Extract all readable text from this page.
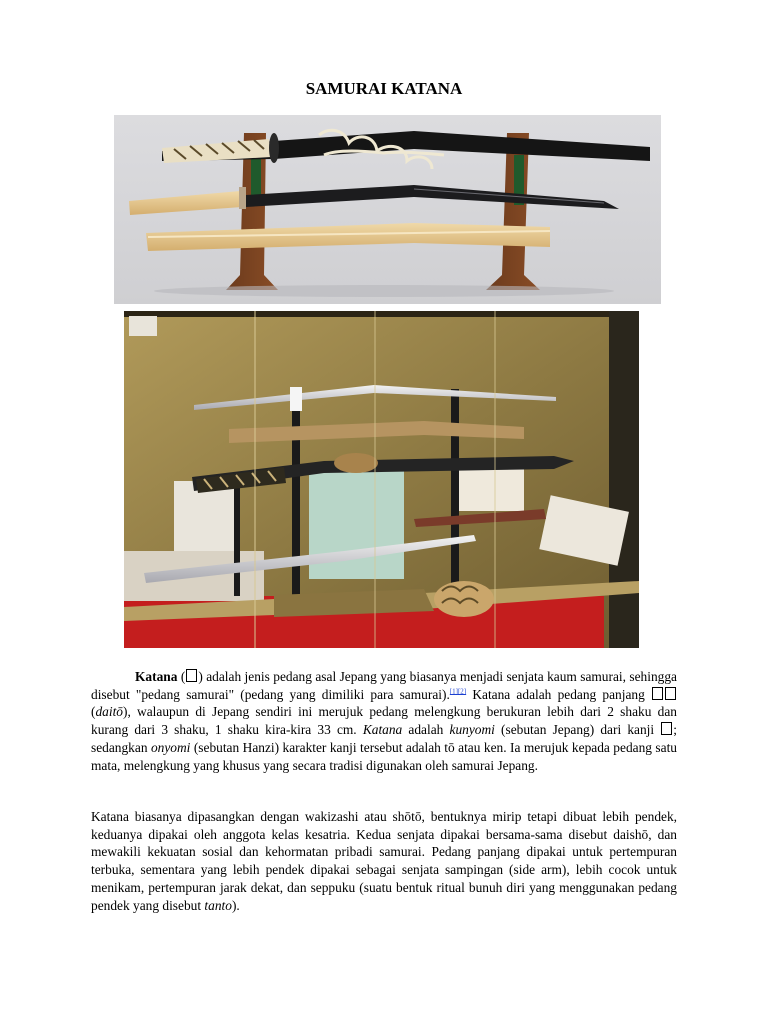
SAMURAI KATANA

Katana ( ) adalah jenis pedang asal Jepang yang biasanya menjadi senjata kaum samurai, sehingga disebut "pedang samurai" (pedang yang dimiliki para samurai).[1][2] Katana adalah pedang panjang  (daitō), walaupun di Jepang sendiri ini merujuk pedang melengkung berukuran lebih dari 2 shaku dan kurang dari 3 shaku, 1 shaku kira-kira 33 cm. Katana adalah kunyomi (sebutan Jepang) dari kanji ; sedangkan onyomi (sebutan Hanzi) karakter kanji tersebut adalah tō atau ken. Ia merujuk kepada pedang satu mata, melengkung yang khusus yang secara tradisi digunakan oleh samurai Jepang.

Katana biasanya dipasangkan dengan wakizashi atau shōtō, bentuknya mirip tetapi dibuat lebih pendek, keduanya dipakai oleh anggota kelas kesatria. Kedua senjata dipakai bersama-sama disebut daishō, dan mewakili kekuatan sosial dan kehormatan pribadi samurai. Pedang panjang dipakai untuk pertempuran terbuka, sementara yang lebih pendek dipakai sebagai senjata sampingan (side arm), lebih cocok untuk menikam, pertempuran jarak dekat, dan seppuku (suatu bentuk ritual bunuh diri yang menggunakan pedang pendek yang disebut tanto).
